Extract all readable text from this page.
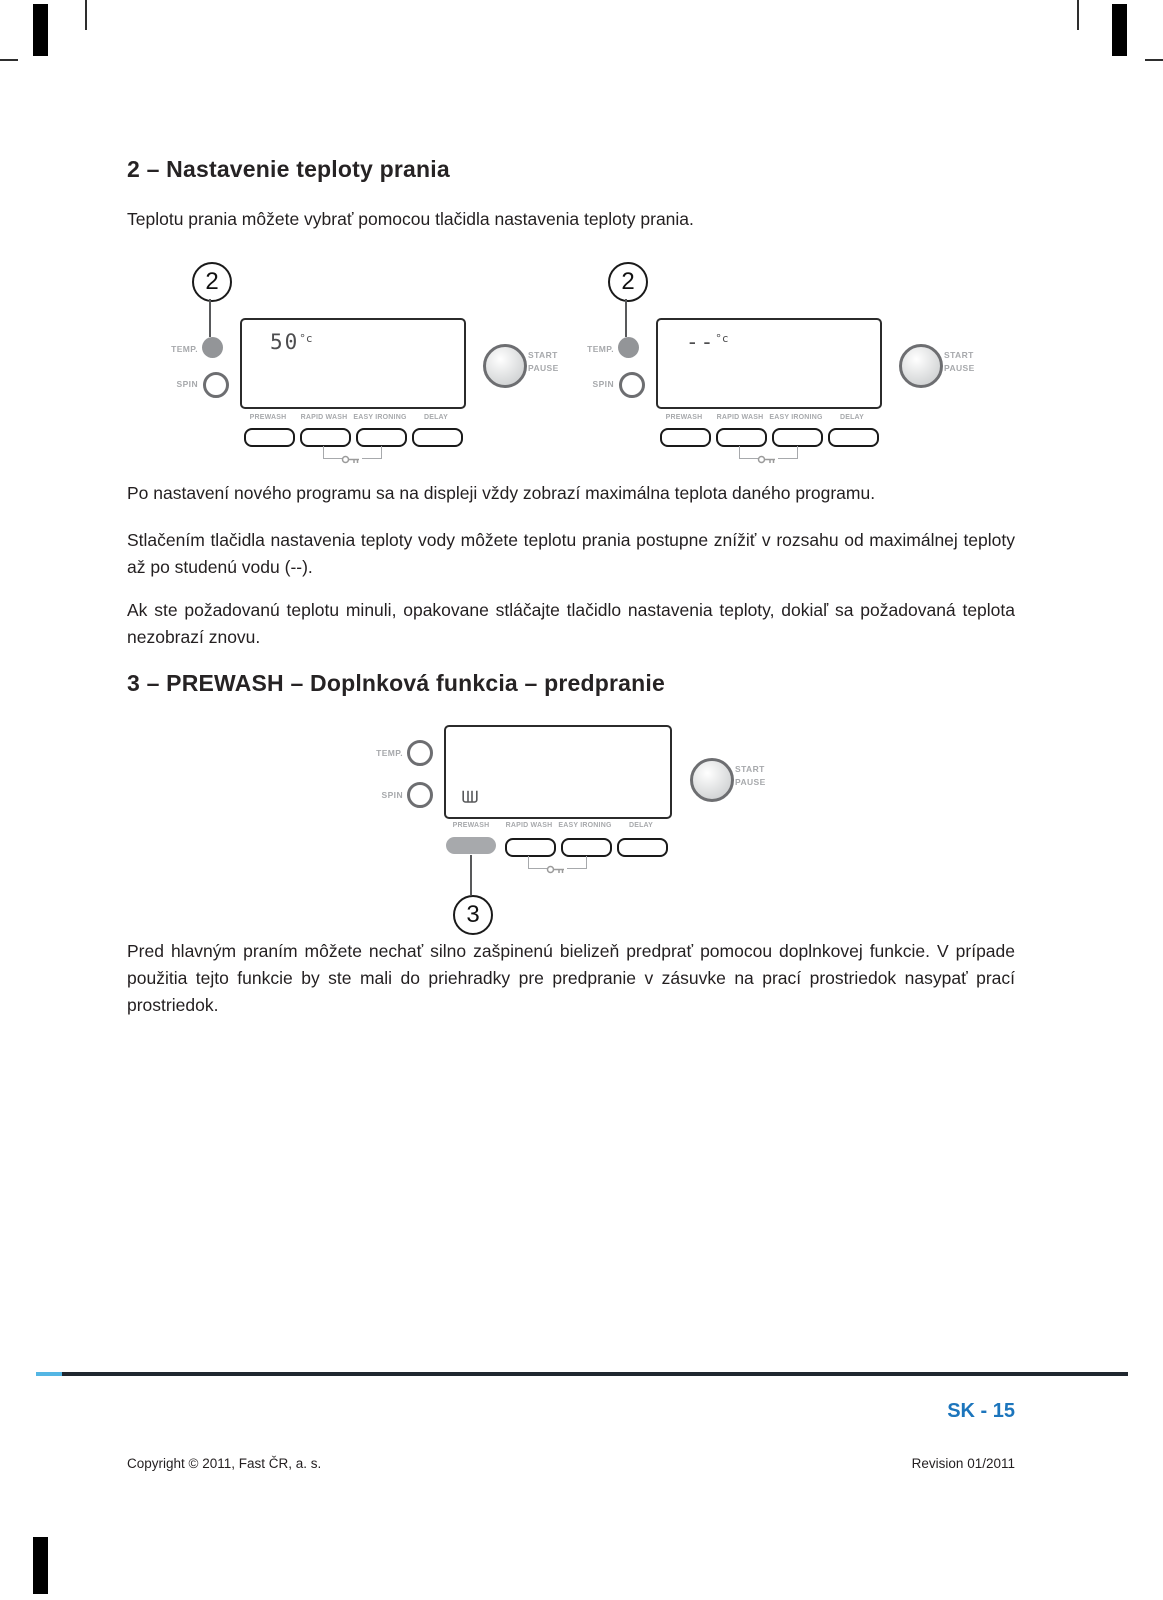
2 – Nastavenie teploty prania
Teplotu prania môžete vybrať pomocou tlačidla nastavenia teploty prania.
2
TEMP.
SPIN
$50^{^\circ c}$
START
PAUSE
PREWASH	RAPID WASH EASY IRONING	DELAY
2
TEMP.
SPIN
--$^{^\circ c}$
START
PAUSE
PREWASH	RAPID WASH EASY IRONING	DELAY
Po nastavení nového programu sa na displeji vždy zobrazí maximálna teplota daného programu.
Stlačením tlačidla nastavenia teploty vody môžete teplotu prania postupne znížiť v rozsahu od maximálnej teploty až po studenú vodu (--).
Ak ste požadovanú teplotu minuli, opakovane stláčajte tlačidlo nastavenia teploty, dokiaľ sa požadovaná teplota nezobrazí znovu.
3 – PREWASH – Doplnková funkcia – predpranie
TEMP.
SPIN
START
PAUSE
PREWASH	RAPID WASH EASY IRONING	DELAY
3
Pred hlavným praním môžete nechať silno zašpinenú bielizeň predprať pomocou doplnkovej funkcie. V prípade použitia tejto funkcie by ste mali do priehradky pre predpranie v zásuvke na prací prostriedok nasypať prací prostriedok.
SK - 15
Copyright © 2011, Fast ČR, a. s.	Revision 01/2011
